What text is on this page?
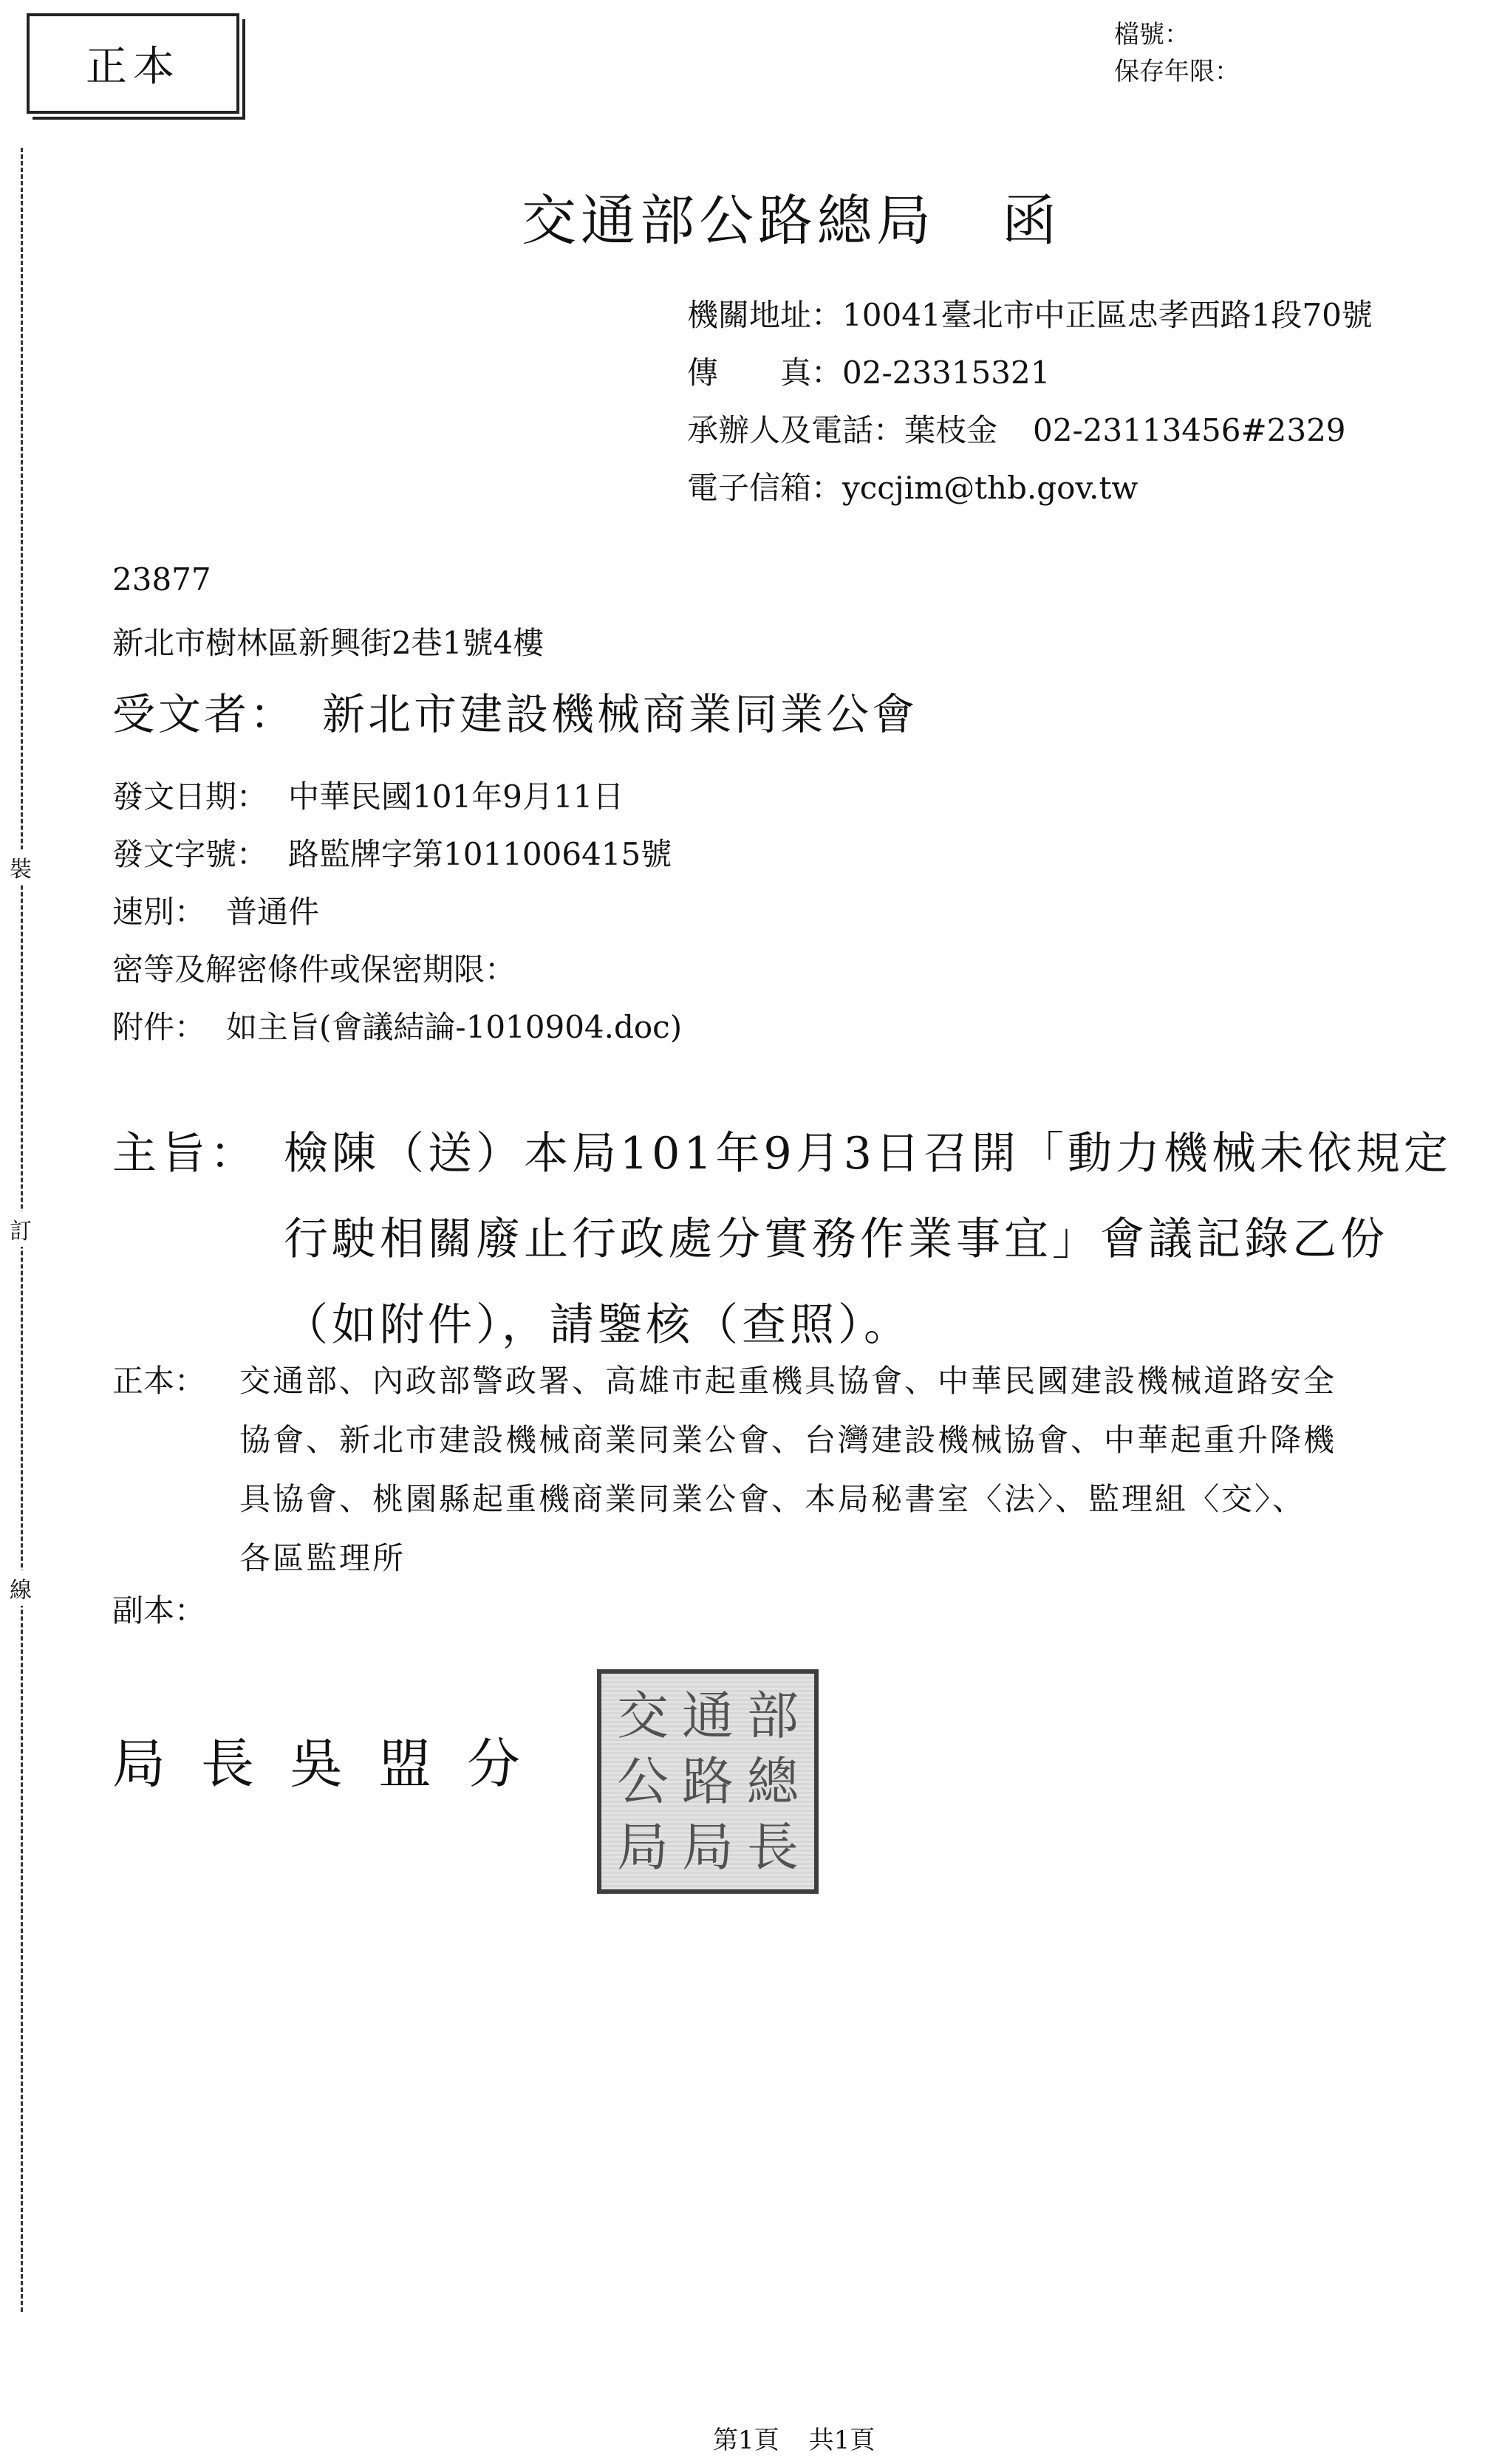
正本
檔號：
保存年限：
裝
訂
線
交通部公路總局 函
機關地址 ： 10041臺北市中正區忠孝西路1段70號
傳真 ： 02-23315321
承辦人及電話 ： 葉枝金 02-23113456#2329
電子信箱 ： yccjim@thb.gov.tw
23877
新北市樹林區新興街2巷1號4樓
受文者： 新北市建設機械商業同業公會
發文日期： 中華民國101年9月11日
發文字號： 路監牌字第1011006415號
速別： 普通件
密等及解密條件或保密期限：
附件： 如主旨(會議結論-1010904.doc)
主旨： 檢陳（送）本局101年9月3日召開「動力機械未依規定
行駛相關廢止行政處分實務作業事宜」會議記錄乙份
（如附件），請鑒核（查照）。
正本： 交通部、內政部警政署、高雄市起重機具協會、中華民國建設機械道路安全
協會、新北市建設機械商業同業公會、台灣建設機械協會、中華起重升降機
具協會、桃園縣起重機商業同業公會、本局秘書室〈法〉、監理組〈交〉、
各區監理所
副本：
局長吳盟分
交 通 部
公 路 總
局 局 長
第1頁 共1頁
